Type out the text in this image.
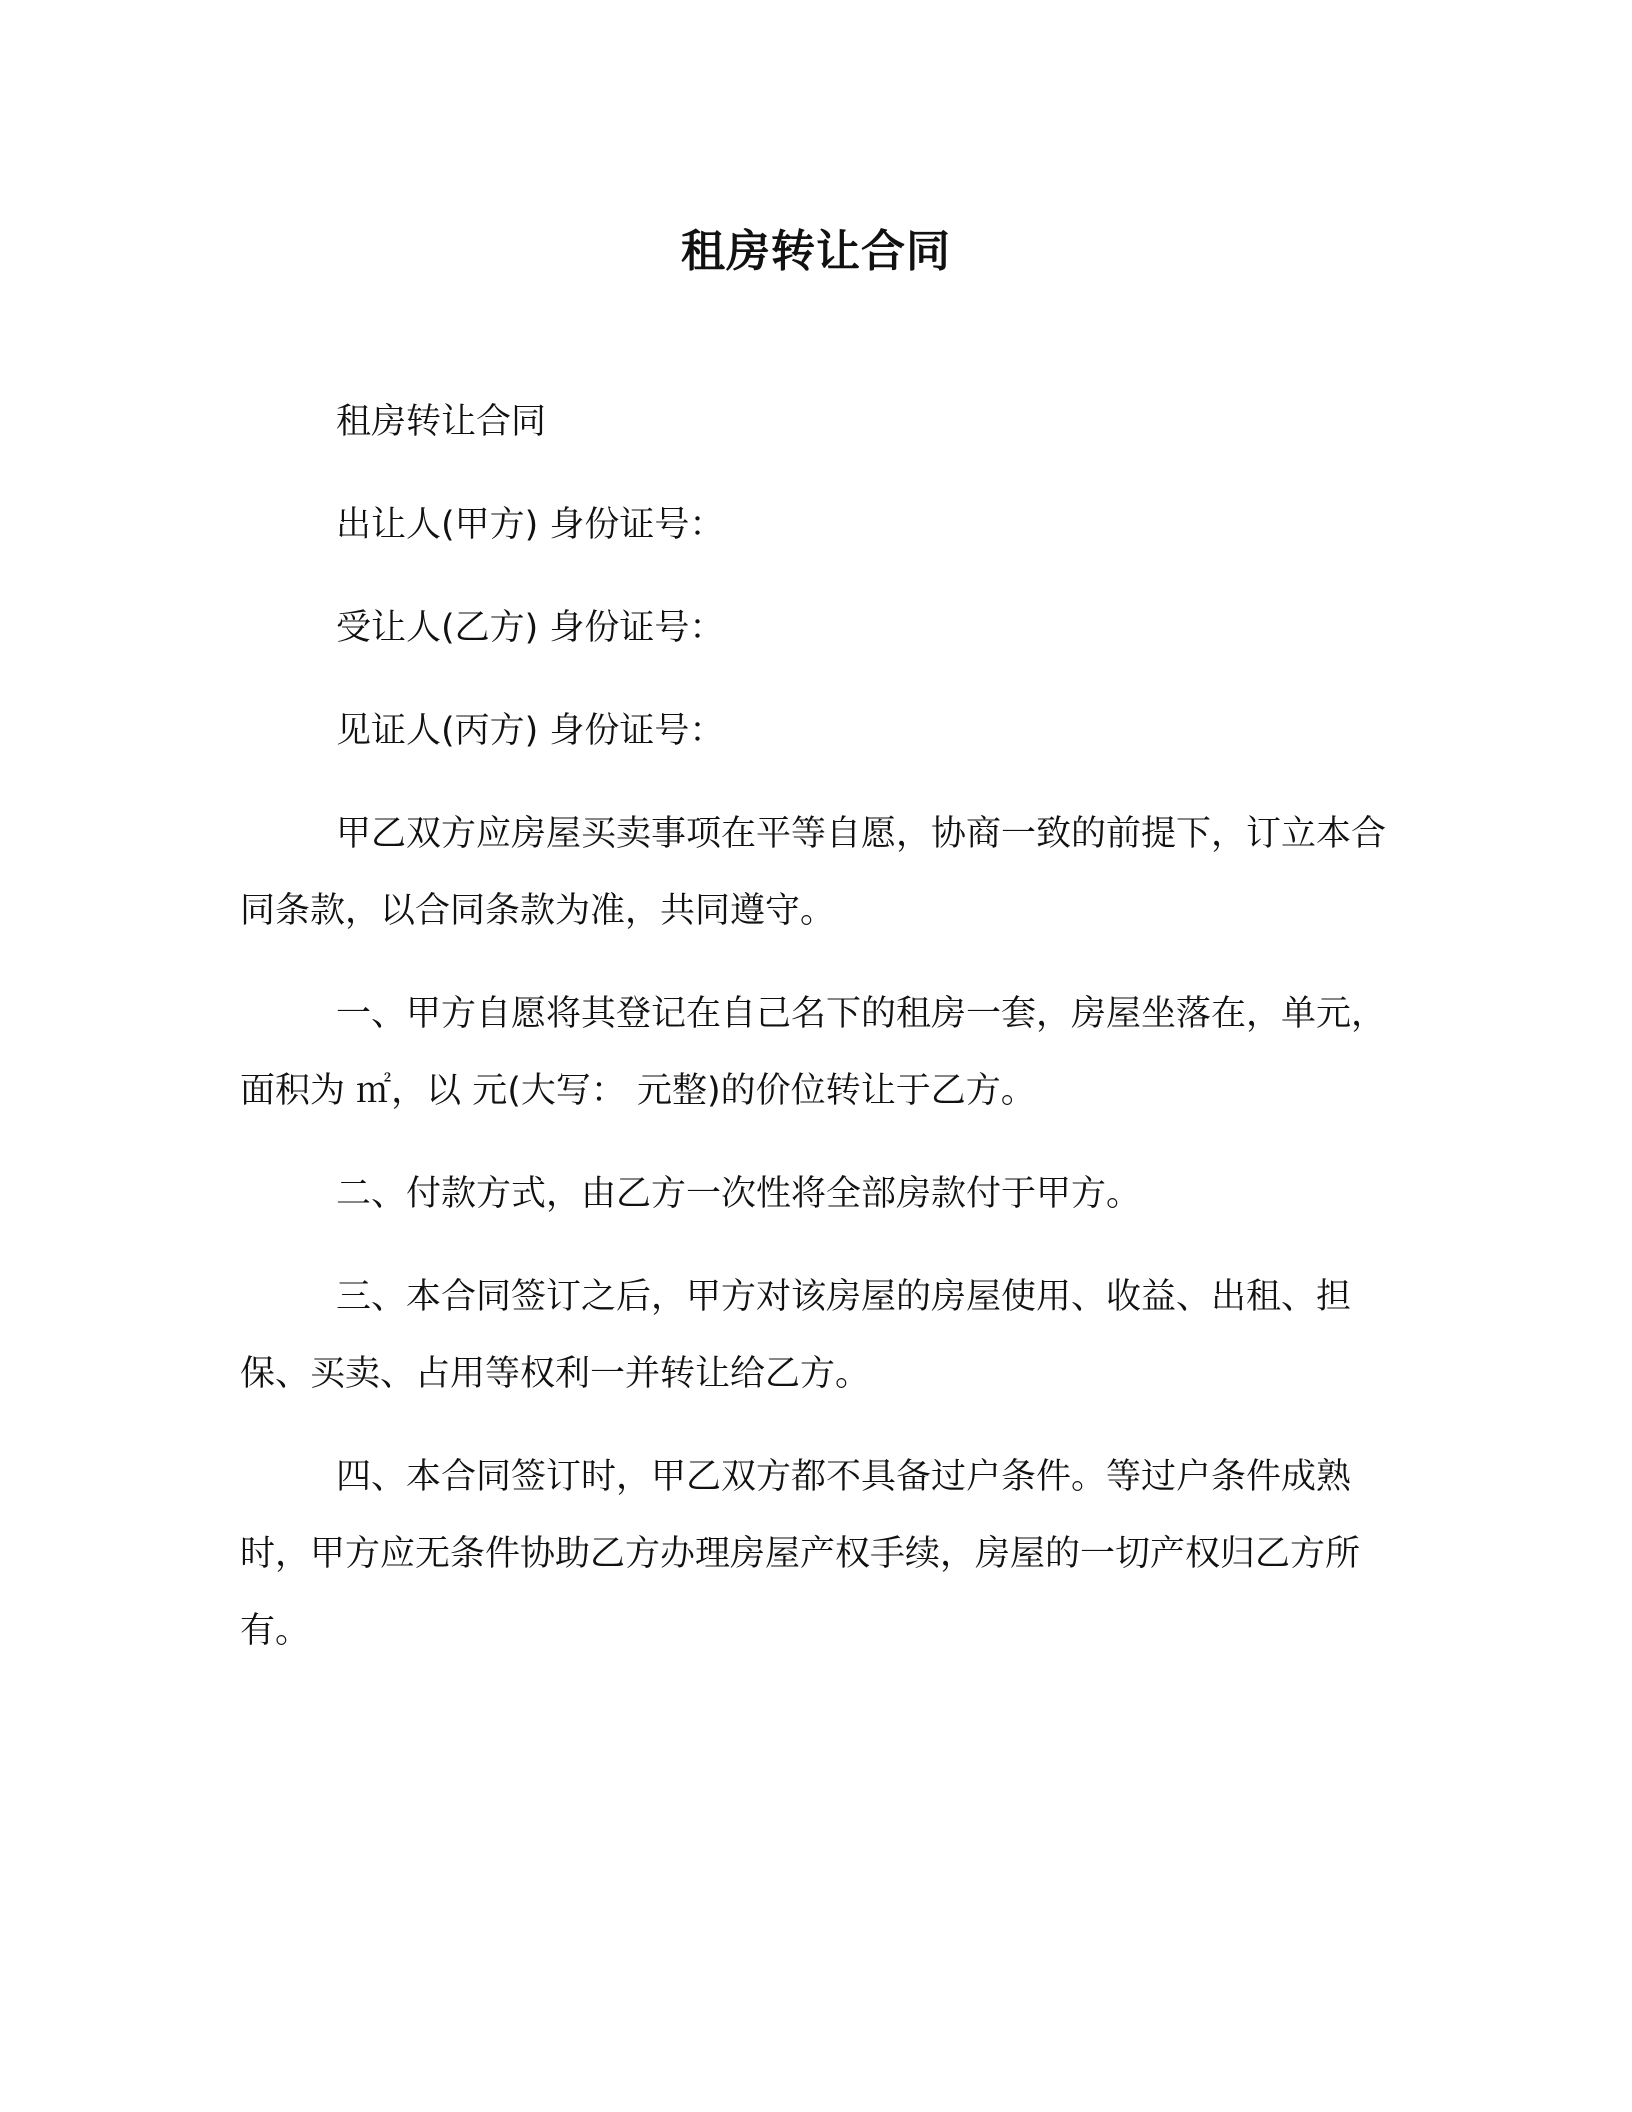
租房转让合同

租房转让合同

出让人(甲方) 身份证号：

受让人(乙方) 身份证号：

见证人(丙方) 身份证号：

甲乙双方应房屋买卖事项在平等自愿，协商一致的前提下，订立本合同条款，以合同条款为准，共同遵守。

一、甲方自愿将其登记在自己名下的租房一套，房屋坐落在，单元，面积为 ㎡，以 元(大写： 元整)的价位转让于乙方。

二、付款方式，由乙方一次性将全部房款付于甲方。

三、本合同签订之后，甲方对该房屋的房屋使用、收益、出租、担保、买卖、占用等权利一并转让给乙方。

四、本合同签订时，甲乙双方都不具备过户条件。等过户条件成熟时，甲方应无条件协助乙方办理房屋产权手续，房屋的一切产权归乙方所有。
